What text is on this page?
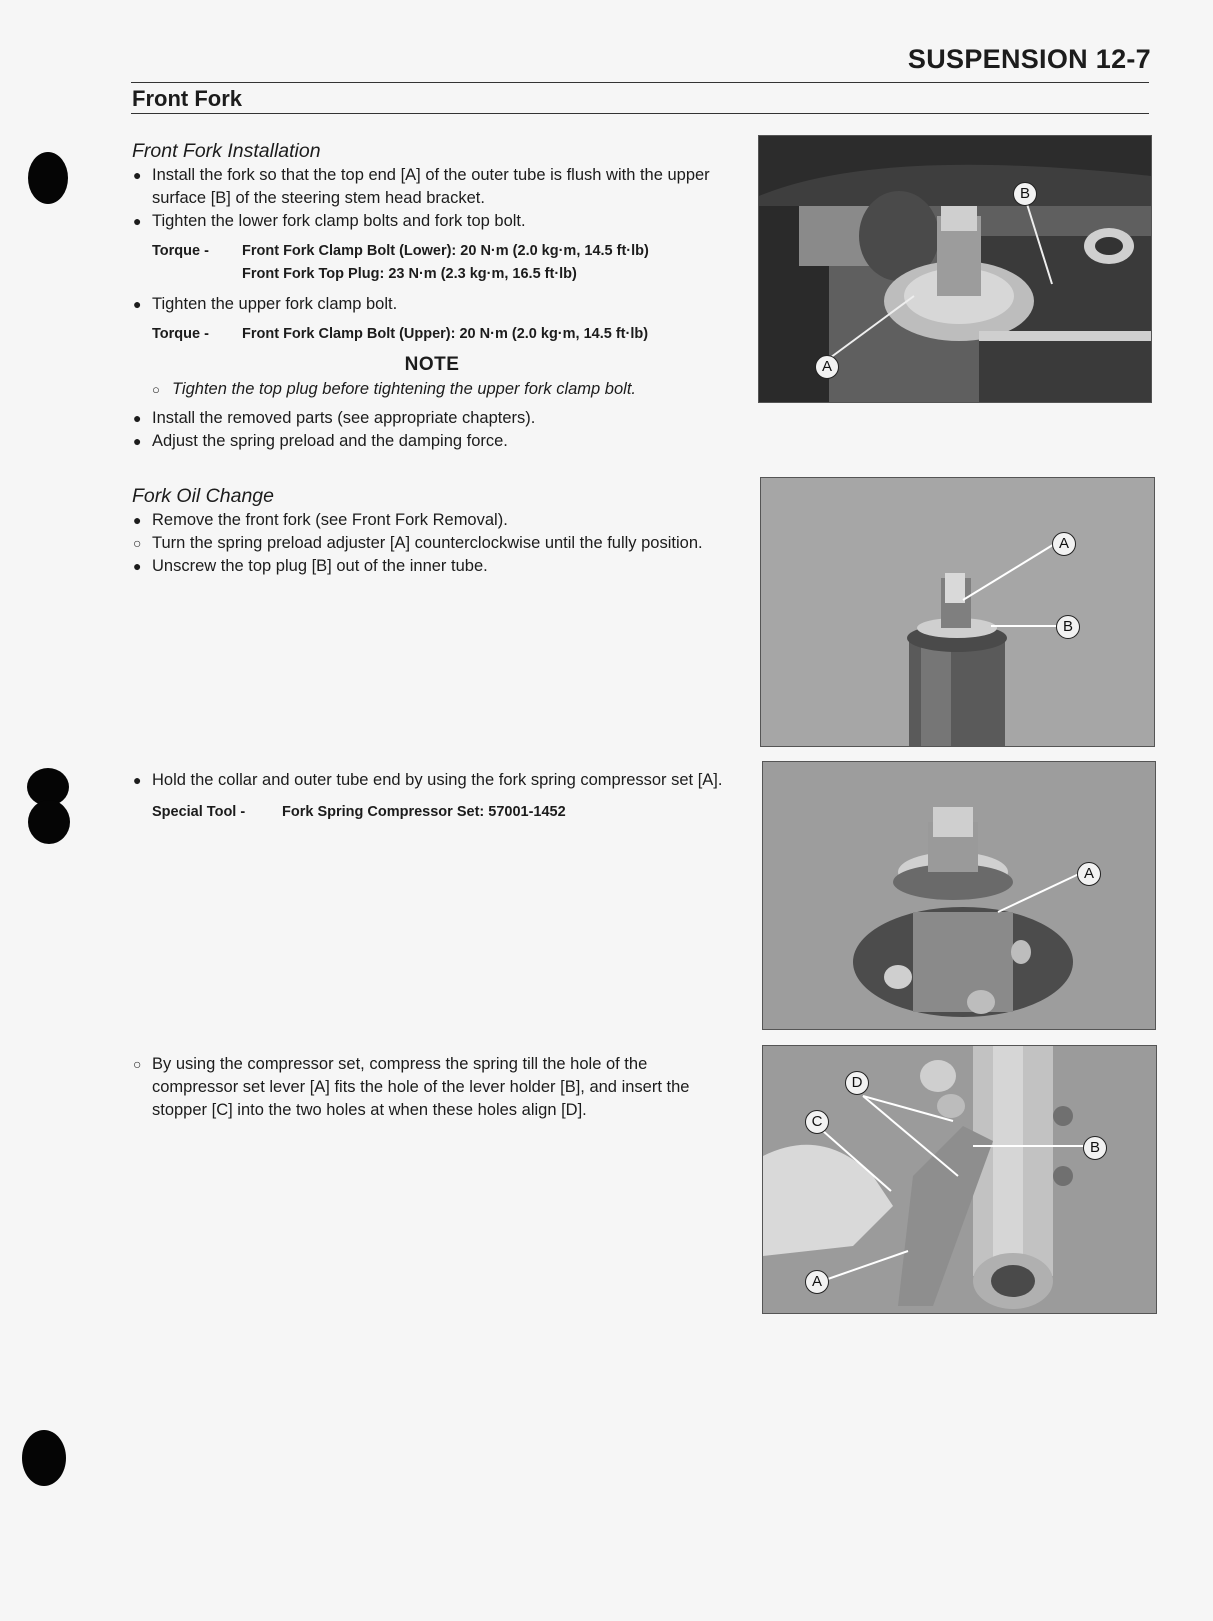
SUSPENSION 12-7
Front Fork
Front Fork Installation
● Install the fork so that the top end [A] of the outer tube is flush with the upper surface [B] of the steering stem head bracket.
● Tighten the lower fork clamp bolts and fork top bolt.
Torque -	Front Fork Clamp Bolt (Lower): 20 N·m (2.0 kg·m, 14.5 ft·lb)
Front Fork Top Plug: 23 N·m (2.3 kg·m, 16.5 ft·lb)
● Tighten the upper fork clamp bolt.
Torque -	Front Fork Clamp Bolt (Upper): 20 N·m (2.0 kg·m, 14.5 ft·lb)
NOTE
○ Tighten the top plug before tightening the upper fork clamp bolt.
● Install the removed parts (see appropriate chapters).
● Adjust the spring preload and the damping force.
Fork Oil Change
● Remove the front fork (see Front Fork Removal).
○ Turn the spring preload adjuster [A] counterclockwise until the fully position.
● Unscrew the top plug [B] out of the inner tube.
● Hold the collar and outer tube end by using the fork spring compressor set [A].
Special Tool -	Fork Spring Compressor Set: 57001-1452
○ By using the compressor set, compress the spring till the hole of the compressor set lever [A] fits the hole of the lever holder [B], and insert the stopper [C] into the two holes at when these holes align [D].
B
A
A
B
A
D
C
B
A
